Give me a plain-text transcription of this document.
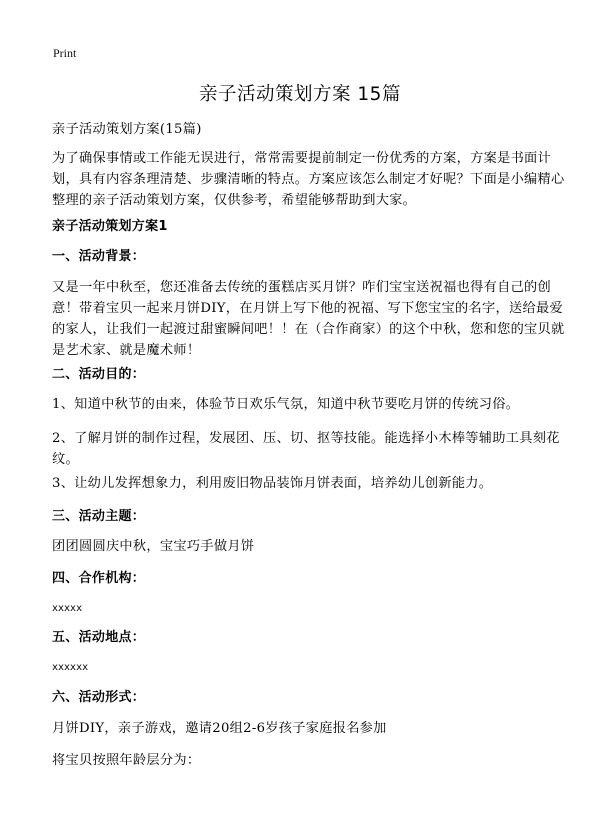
Print
亲子活动策划方案 15篇
亲子活动策划方案(15篇)
为了确保事情或工作能无误进行，常常需要提前制定一份优秀的方案，方案是书面计划，具有内容条理清楚、步骤清晰的特点。方案应该怎么制定才好呢？下面是小编精心整理的亲子活动策划方案，仅供参考，希望能够帮助到大家。
亲子活动策划方案1
一、活动背景：
又是一年中秋至，您还准备去传统的蛋糕店买月饼？咋们宝宝送祝福也得有自己的创意！带着宝贝一起来月饼DIY，在月饼上写下他的祝福、写下您宝宝的名字，送给最爱的家人，让我们一起渡过甜蜜瞬间吧！！在（合作商家）的这个中秋，您和您的宝贝就是艺术家、就是魔术师！
二、活动目的：
1、知道中秋节的由来，体验节日欢乐气氛，知道中秋节要吃月饼的传统习俗。
2、了解月饼的制作过程，发展团、压、切、抠等技能。能选择小木棒等辅助工具刻花纹。
3、让幼儿发挥想象力，利用废旧物品装饰月饼表面，培养幼儿创新能力。
三、活动主题：
团团圆圆庆中秋，宝宝巧手做月饼
四、合作机构：
xxxxx
五、活动地点：
xxxxxx
六、活动形式：
月饼DIY，亲子游戏，邀请20组2-6岁孩子家庭报名参加
将宝贝按照年龄层分为：
